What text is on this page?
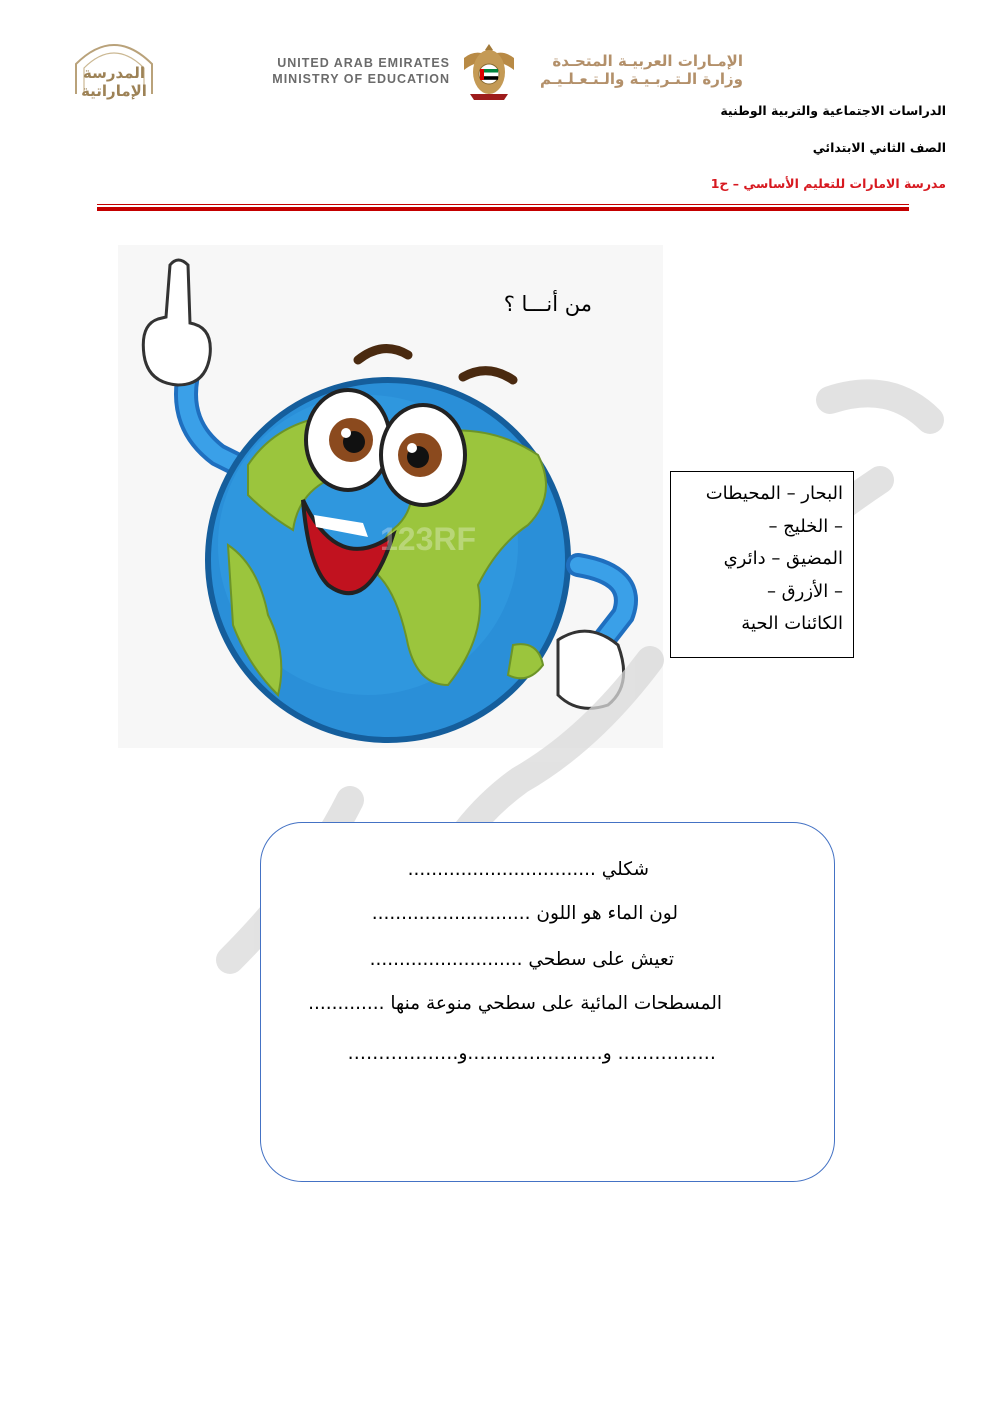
المدرسة
الإماراتية
UNITED ARAB EMIRATES
MINISTRY OF EDUCATION
الإمـارات العربيـة المتحـدة
وزارة الـتـربـيـة والـتـعـلـيـم
الدراسات الاجتماعية والتربية الوطنية
الصف الثاني الابتدائي
مدرسة الامارات للتعليم الأساسي – ح1
123RF
من أنـــا ؟
البحار – المحيطات
– الخليج –
المضيق – دائري
– الأزرق –
الكائنات الحية
شكلي ................................
لون الماء هو اللون ...........................
تعيش على سطحي ..........................
المسطحات المائية على سطحي منوعة منها .............
……………. و………………….و………………
